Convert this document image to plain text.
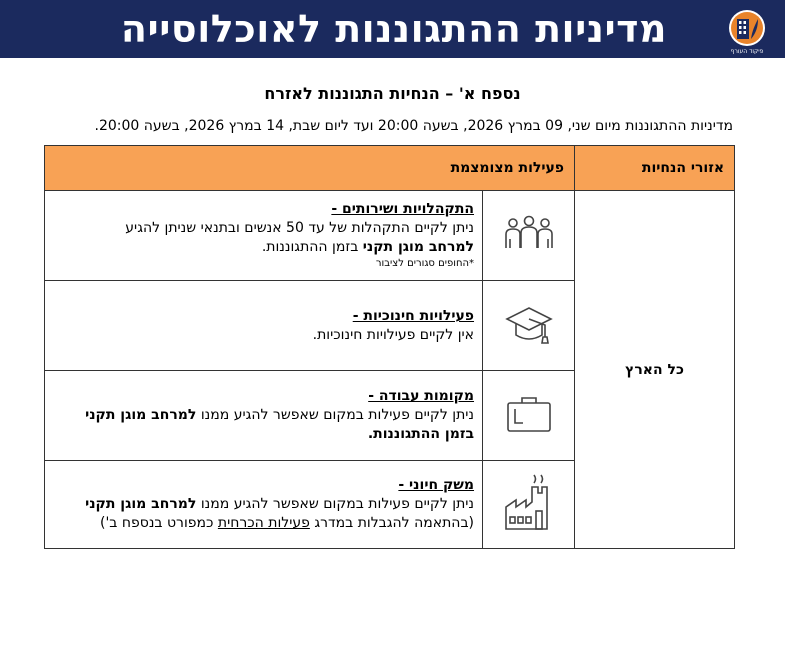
מדיניות ההתגוננות לאוכלוסייה
פיקוד העורף
נספח א' – הנחיות התגוננות לאזרח
מדיניות ההתגוננות מיום שני, 09 במרץ 2026, בשעה 20:00 ועד ליום שבת, 14 במרץ 2026, בשעה 20:00.
אזורי הנחיות	פעילות מצומצמת	
כל הארץ		התקהלויות ושירותים -
ניתן לקיים התקהלות של עד 50 אנשים ובתנאי שניתן להגיע
למרחב מוגן תקני בזמן ההתגוננות.
*החופים סגורים לציבור

פעילויות חינוכיות -
אין לקיים פעילויות חינוכיות.

מקומות עבודה -
ניתן לקיים פעילות במקום שאפשר להגיע ממנו למרחב מוגן תקני בזמן ההתגוננות.

משק חיוני -
ניתן לקיים פעילות במקום שאפשר להגיע ממנו למרחב מוגן תקני
(בהתאמה להגבלות במדרג פעילות הכרחית כמפורט בנספח ב')
